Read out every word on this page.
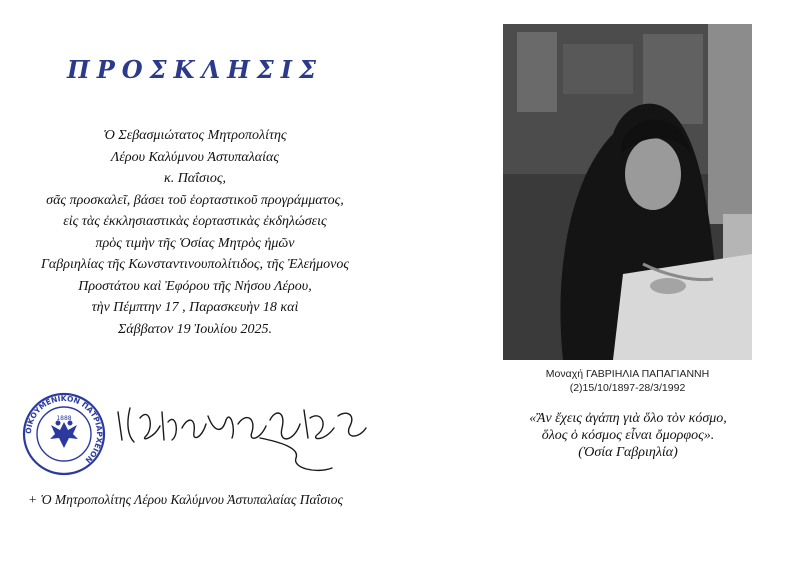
ΠΡΟΣΚΛΗΣΙΣ
Ὁ Σεβασμιώτατος Μητροπολίτης
Λέρου Καλύμνου Ἀστυπαλαίας
κ. Παΐσιος,
σᾶς προσκαλεῖ, βάσει τοῦ ἑορταστικοῦ προγράμματος,
εἰς τὰς ἐκκλησιαστικὰς ἑορταστικὰς ἐκδηλώσεις
πρὸς τιμὴν τῆς Ὁσίας Μητρὸς ἡμῶν
Γαβριηλίας τῆς Κωνσταντινουπολίτιδος, τῆς Ἐλεήμονος
Προστάτου καὶ Ἐφόρου τῆς Νήσου Λέρου,
τὴν Πέμπτην 17 , Παρασκευὴν 18 καὶ
Σάββατον 19 Ἰουλίου 2025.
ΟΙΚΟΥΜΕΝΙΚΟΝ ΠΑΤΡΙΑΡΧΕΙΟΝ
1888
+ Ὁ Μητροπολίτης Λέρου Καλύμνου Ἀστυπαλαίας Παΐσιος
Μοναχή ΓΑΒΡΙΗΛΙΑ ΠΑΠΑΓΙΑΝΝΗ
(2)15/10/1897-28/3/1992
«Ἂν ἔχεις ἀγάπη γιὰ ὅλο τὸν κόσμο,
ὅλος ὁ κόσμος εἶναι ὄμορφος».
(Ὁσία Γαβριηλία)
